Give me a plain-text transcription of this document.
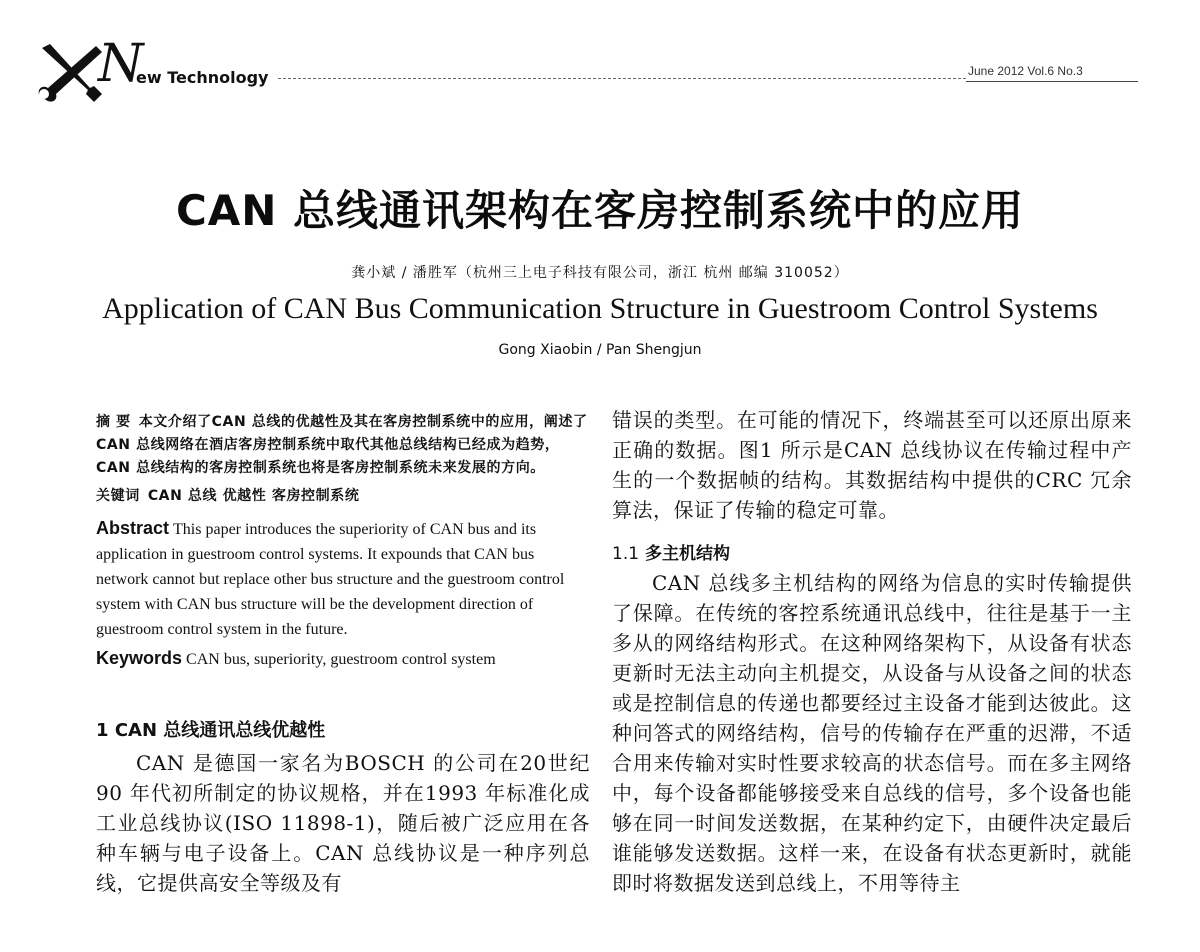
N
ew Technology	June 2012 Vol.6 No.3
CAN 总线通讯架构在客房控制系统中的应用
龚小斌 / 潘胜军（杭州三上电子科技有限公司，浙江 杭州 邮编 310052）
Application of CAN Bus Communication Structure in Guestroom Control Systems
Gong Xiaobin / Pan Shengjun

摘 要 本文介绍了CAN 总线的优越性及其在客房控制系统中的应用，阐述了CAN 总线网络在酒店客房控制系统中取代其他总线结构已经成为趋势，CAN 总线结构的客房控制系统也将是客房控制系统未来发展的方向。

关键词 CAN 总线 优越性 客房控制系统

Abstract This paper introduces the superiority of CAN bus and its application in guestroom control systems. It expounds that CAN bus network cannot but replace other bus structure and the guestroom control system with CAN bus structure will be the development direction of guestroom control system in the future.

Keywords CAN bus, superiority, guestroom control system

1 CAN 总线通讯总线优越性

CAN 是德国一家名为BOSCH 的公司在20世纪90 年代初所制定的协议规格，并在1993 年标准化成工业总线协议(ISO 11898-1)，随后被广泛应用在各种车辆与电子设备上。CAN 总线协议是一种序列总线，它提供高安全等级及有

错误的类型。在可能的情况下，终端甚至可以还原出原来正确的数据。图1 所示是CAN 总线协议在传输过程中产生的一个数据帧的结构。其数据结构中提供的CRC 冗余算法，保证了传输的稳定可靠。

1.1 多主机结构

CAN 总线多主机结构的网络为信息的实时传输提供了保障。在传统的客控系统通讯总线中，往往是基于一主多从的网络结构形式。在这种网络架构下，从设备有状态更新时无法主动向主机提交，从设备与从设备之间的状态或是控制信息的传递也都要经过主设备才能到达彼此。这种问答式的网络结构，信号的传输存在严重的迟滞，不适合用来传输对实时性要求较高的状态信号。而在多主网络中，每个设备都能够接受来自总线的信号，多个设备也能够在同一时间发送数据，在某种约定下，由硬件决定最后谁能够发送数据。这样一来，在设备有状态更新时，就能即时将数据发送到总线上，不用等待主
